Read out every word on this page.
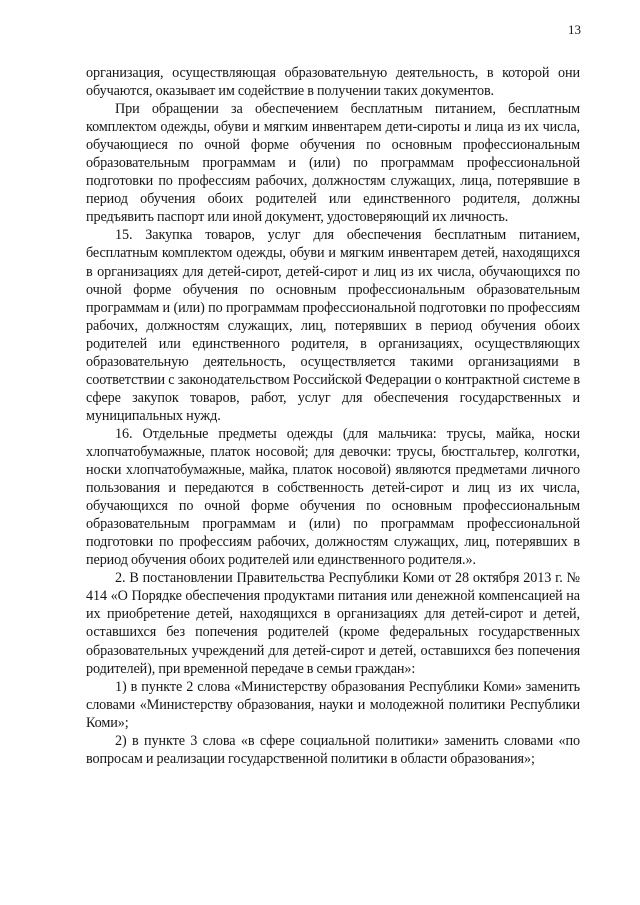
13

организация, осуществляющая образовательную деятельность, в которой они обучаются, оказывает им содействие в получении таких документов.

При обращении за обеспечением бесплатным питанием, бесплатным комплектом одежды, обуви и мягким инвентарем дети-сироты и лица из их числа, обучающиеся по очной форме обучения по основным профессиональным образовательным программам и (или) по программам профессиональной подготовки по профессиям рабочих, должностям служащих, лица, потерявшие в период обучения обоих родителей или единственного родителя, должны предъявить паспорт или иной документ, удостоверяющий их личность.

15. Закупка товаров, услуг для обеспечения бесплатным питанием, бесплатным комплектом одежды, обуви и мягким инвентарем детей, находящихся в организациях для детей-сирот, детей-сирот и лиц из их числа, обучающихся по очной форме обучения по основным профессиональным образовательным программам и (или) по программам профессиональной подготовки по профессиям рабочих, должностям служащих, лиц, потерявших в период обучения обоих родителей или единственного родителя, в организациях, осуществляющих образовательную деятельность, осуществляется такими организациями в соответствии с законодательством Российской Федерации о контрактной системе в сфере закупок товаров, работ, услуг для обеспечения государственных и муниципальных нужд.

16. Отдельные предметы одежды (для мальчика: трусы, майка, носки хлопчатобумажные, платок носовой; для девочки: трусы, бюстгальтер, колготки, носки хлопчатобумажные, майка, платок носовой) являются предметами личного пользования и передаются в собственность детей-сирот и лиц из их числа, обучающихся по очной форме обучения по основным профессиональным образовательным программам и (или) по программам профессиональной подготовки по профессиям рабочих, должностям служащих, лиц, потерявших в период обучения обоих родителей или единственного родителя.».

2. В постановлении Правительства Республики Коми от 28 октября 2013 г. № 414 «О Порядке обеспечения продуктами питания или денежной компенсацией на их приобретение детей, находящихся в организациях для детей-сирот и детей, оставшихся без попечения родителей (кроме федеральных государственных образовательных учреждений для детей-сирот и детей, оставшихся без попечения родителей), при временной передаче в семьи граждан»:

1) в пункте 2 слова «Министерству образования Республики Коми» заменить словами «Министерству образования, науки и молодежной политики Республики Коми»;

2) в пункте 3 слова «в сфере социальной политики» заменить словами «по вопросам и реализации государственной политики в области образования»;
